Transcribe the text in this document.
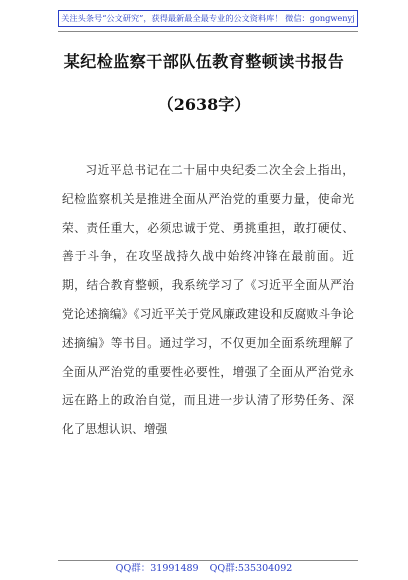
关注头条号“公文研究”，获得最新最全最专业的公文资料库！ 微信：gongwenyj
某纪检监察干部队伍教育整顿读书报告
（2638字）

习近平总书记在二十届中央纪委二次全会上指出，纪检监察机关是推进全面从严治党的重要力量，使命光荣、责任重大，必须忠诚于党、勇挑重担，敢打硬仗、善于斗争，在攻坚战持久战中始终冲锋在最前面。近期，结合教育整顿，我系统学习了《习近平全面从严治党论述摘编》《习近平关于党风廉政建设和反腐败斗争论述摘编》等书目。通过学习，不仅更加全面系统理解了全面从严治党的重要性必要性，增强了全面从严治党永远在路上的政治自觉，而且进一步认清了形势任务、深化了思想认识、增强

QQ群：31991489 QQ群:535304092
